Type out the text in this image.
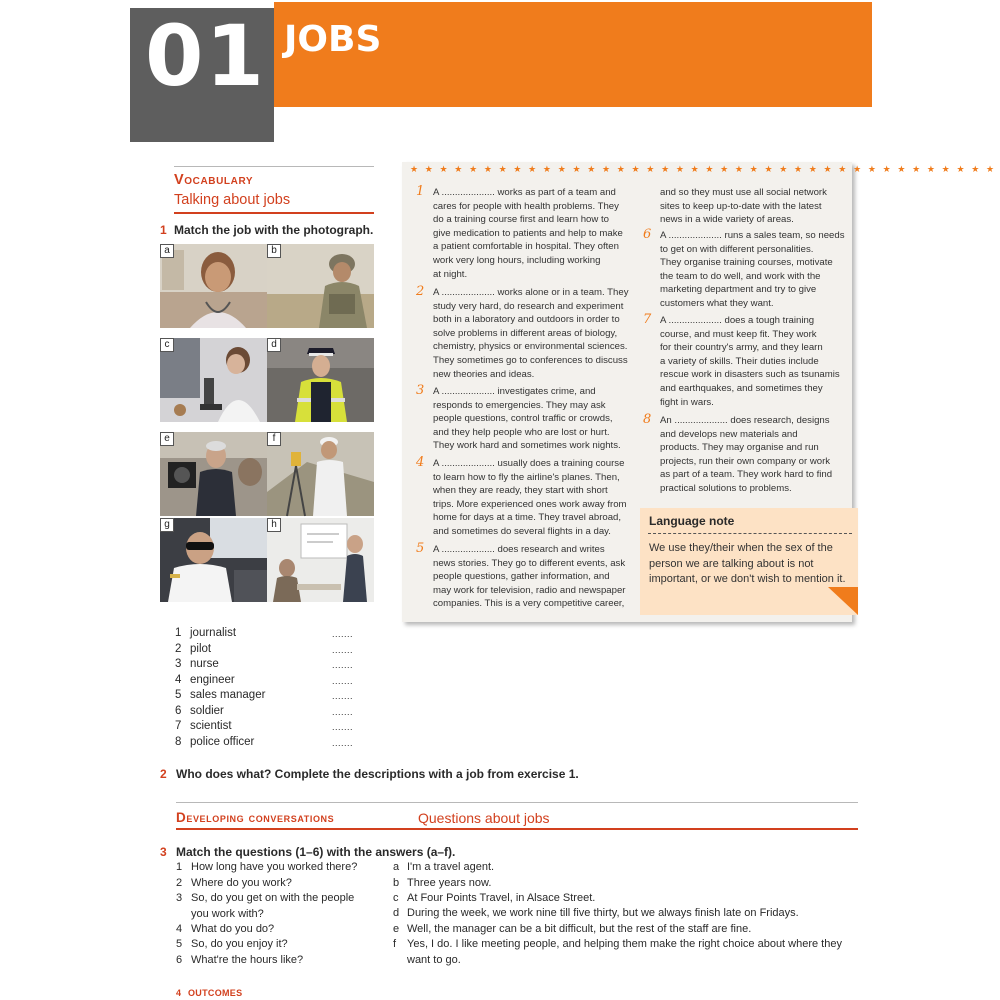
01 JOBS
Vocabulary
Talking about jobs
1 Match the job with the photograph.
a	b
c	d
e	f
g	h
1 journalist	.......
2 pilot	.......
3 nurse	.......
4 engineer	.......
5 sales manager	.......
6 soldier	.......
7 scientist	.......
8 police officer	.......
★ ★ ★ ★ ★ ★ ★ ★ ★ ★ ★ ★ ★ ★ ★ ★ ★ ★ ★ ★ ★ ★ ★ ★ ★ ★ ★ ★ ★ ★ ★ ★ ★ ★ ★ ★ ★ ★ ★ ★
1 A .................... works as part of a team and
cares for people with health problems. They
do a training course first and learn how to
give medication to patients and help to make
a patient comfortable in hospital. They often
work very long hours, including working
at night.
2 A .................... works alone or in a team. They
study very hard, do research and experiment
both in a laboratory and outdoors in order to
solve problems in different areas of biology,
chemistry, physics or environmental sciences.
They sometimes go to conferences to discuss
new theories and ideas.
3 A .................... investigates crime, and
responds to emergencies. They may ask
people questions, control traffic or crowds,
and they help people who are lost or hurt.
They work hard and sometimes work nights.
4 A .................... usually does a training course
to learn how to fly the airline's planes. Then,
when they are ready, they start with short
trips. More experienced ones work away from
home for days at a time. They travel abroad,
and sometimes do several flights in a day.
5 A .................... does research and writes
news stories. They go to different events, ask
people questions, gather information, and
may work for television, radio and newspaper
companies. This is a very competitive career,
and so they must use all social network
sites to keep up-to-date with the latest
news in a wide variety of areas.
6 A .................... runs a sales team, so needs
to get on with different personalities.
They organise training courses, motivate
the team to do well, and work with the
marketing department and try to give
customers what they want.
7 A .................... does a tough training
course, and must keep fit. They work
for their country's army, and they learn
a variety of skills. Their duties include
rescue work in disasters such as tsunamis
and earthquakes, and sometimes they
fight in wars.
8 An .................... does research, designs
and develops new materials and
products. They may organise and run
projects, run their own company or work
as part of a team. They work hard to find
practical solutions to problems.
Language note
We use they/their when the sex of the person we are talking about is not important, or we don't wish to mention it.
2 Who does what? Complete the descriptions with a job from exercise 1.
Developing conversations	Questions about jobs
3 Match the questions (1–6) with the answers (a–f).
1 How long have you worked there?
2 Where do you work?
3 So, do you get on with the people you work with?
4 What do you do?
5 So, do you enjoy it?
6 What're the hours like?
a I'm a travel agent.
b Three years now.
c At Four Points Travel, in Alsace Street.
d During the week, we work nine till five thirty, but we always finish late on Fridays.
e Well, the manager can be a bit difficult, but the rest of the staff are fine.
f Yes, I do. I like meeting people, and helping them make the right choice about where they want to go.
4 OUTCOMES
